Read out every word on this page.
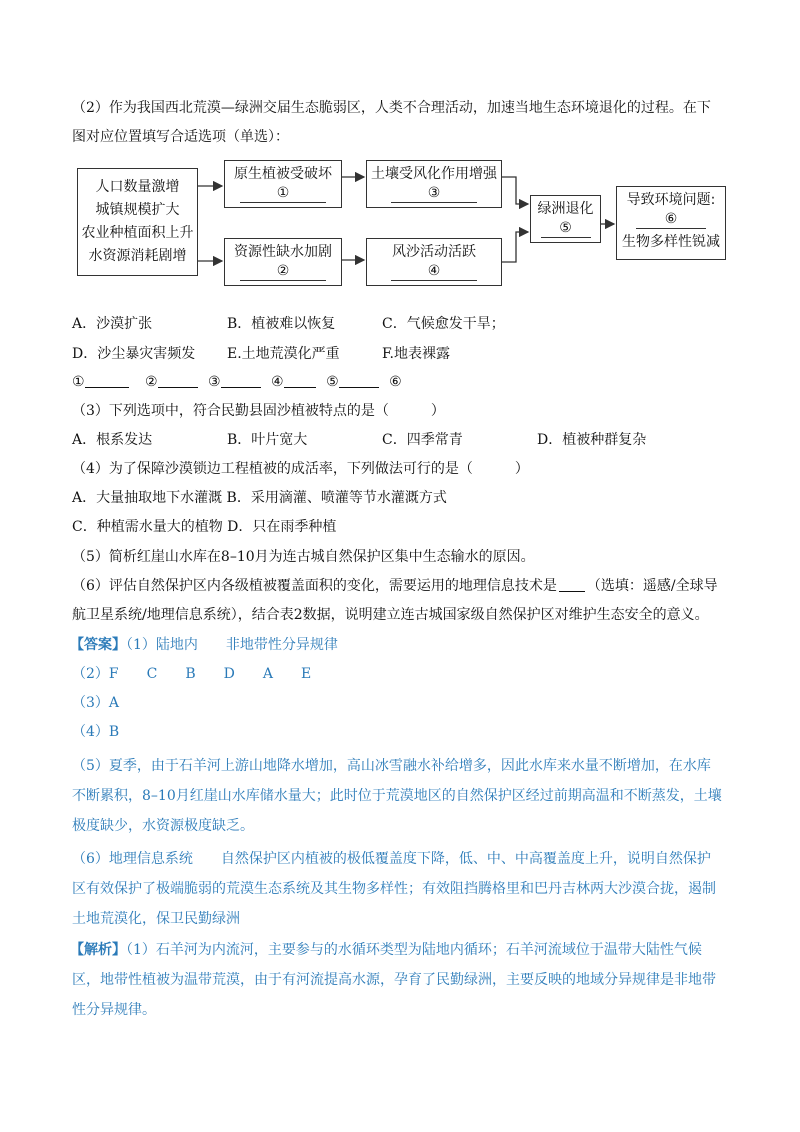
（2）作为我国西北荒漠—绿洲交届生态脆弱区，人类不合理活动，加速当地生态环境退化的过程。在下
图对应位置填写合适选项（单选）：
人口数量激增
城镇规模扩大
农业种植面积上升
水资源消耗剧增
原生植被受破坏
①
资源性缺水加剧
②
土壤受风化作用增强
③
风沙活动活跃
④
绿洲退化
⑤
导致环境问题:
⑥
生物多样性锐减
A．沙漠扩张	B．植被难以恢复	C．气候愈发干旱；
D．沙尘暴灾害频发 E.土地荒漠化严重	F.地表裸露
①	②	③	④	⑤	⑥
（3）下列选项中，符合民勤县固沙植被特点的是（　　　）
A．根系发达	B．叶片宽大	C．四季常青	D．植被种群复杂
（4）为了保障沙漠锁边工程植被的成活率，下列做法可行的是（　　　）
A．大量抽取地下水灌溉 B．采用滴灌、喷灌等节水灌溉方式
C．种植需水量大的植物 D．只在雨季种植
（5）简析红崖山水库在8–10月为连古城自然保护区集中生态输水的原因。
（6）评估自然保护区内各级植被覆盖面积的变化，需要运用的地理信息技术是 （选填：遥感/全球导
航卫星系统/地理信息系统），结合表2数据，说明建立连古城国家级自然保护区对维护生态安全的意义。
【答案】（1）陆地内　　非地带性分异规律
（2）F　　C　　B　　D　　A　　E
（3）A
（4）B
（5）夏季，由于石羊河上游山地降水增加，高山冰雪融水补给增多，因此水库来水量不断增加，在水库
不断累积，8–10月红崖山水库储水量大；此时位于荒漠地区的自然保护区经过前期高温和不断蒸发，土壤
极度缺少，水资源极度缺乏。
（6）地理信息系统　　自然保护区内植被的极低覆盖度下降，低、中、中高覆盖度上升，说明自然保护
区有效保护了极端脆弱的荒漠生态系统及其生物多样性；有效阻挡腾格里和巴丹吉林两大沙漠合拢，遏制
土地荒漠化，保卫民勤绿洲
【解析】（1）石羊河为内流河，主要参与的水循环类型为陆地内循环；石羊河流域位于温带大陆性气候
区，地带性植被为温带荒漠，由于有河流提高水源，孕育了民勤绿洲，主要反映的地域分异规律是非地带
性分异规律。
